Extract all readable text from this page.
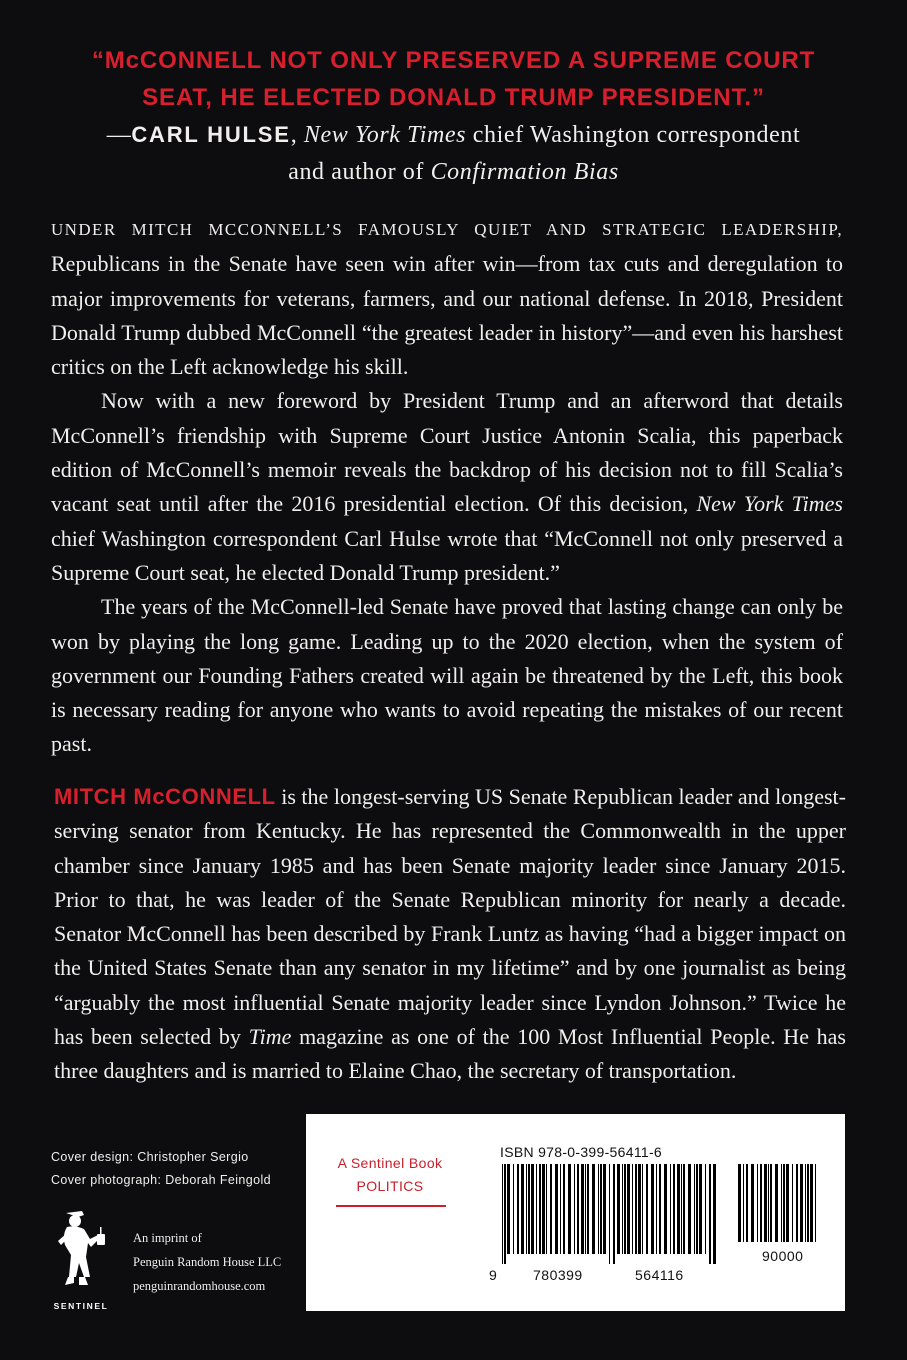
“McCONNELL NOT ONLY PRESERVED A SUPREME COURT
SEAT, HE ELECTED DONALD TRUMP PRESIDENT.”
—CARL HULSE, New York Times chief Washington correspondent
and author of Confirmation Bias

UNDER MITCH MCCONNELL’S FAMOUSLY QUIET AND STRATEGIC LEADERSHIP, Republicans in the Senate have seen win after win—from tax cuts and deregulation to major improvements for veterans, farmers, and our national defense. In 2018, President Donald Trump dubbed McConnell “the greatest leader in history”—and even his harshest critics on the Left acknowledge his skill.

Now with a new foreword by President Trump and an afterword that details McConnell’s friendship with Supreme Court Justice Antonin Scalia, this paperback edition of McConnell’s memoir reveals the backdrop of his decision not to fill Scalia’s vacant seat until after the 2016 presidential election. Of this decision, New York Times chief Washington correspondent Carl Hulse wrote that “McConnell not only preserved a Supreme Court seat, he elected Donald Trump president.”

The years of the McConnell-led Senate have proved that lasting change can only be won by playing the long game. Leading up to the 2020 election, when the system of government our Founding Fathers created will again be threatened by the Left, this book is necessary reading for anyone who wants to avoid repeating the mistakes of our recent past.

MITCH McCONNELL is the longest-serving US Senate Republican leader and longest-serving senator from Kentucky. He has represented the Commonwealth in the upper chamber since January 1985 and has been Senate majority leader since January 2015. Prior to that, he was leader of the Senate Republican minority for nearly a decade. Senator McConnell has been described by Frank Luntz as having “had a bigger impact on the United States Senate than any senator in my lifetime” and by one journalist as being “arguably the most influential Senate majority leader since Lyndon Johnson.” Twice he has been selected by Time magazine as one of the 100 Most Influential People. He has three daughters and is married to Elaine Chao, the secretary of transportation.
Cover design: Christopher Sergio
Cover photograph: Deborah Feingold
SENTINEL
An imprint of
Penguin Random House LLC
penguinrandomhouse.com
A Sentinel Book
POLITICS
ISBN 978-0-399-56411-6
9	780399	564116
90000
